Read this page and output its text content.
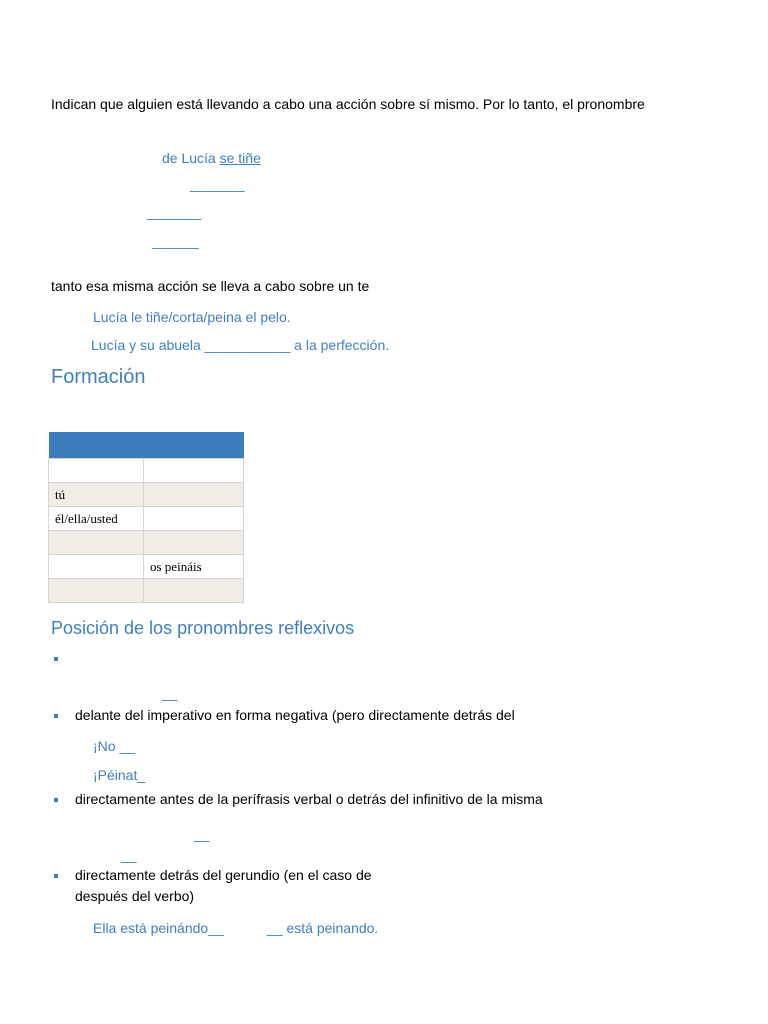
Indican que alguien está llevando a cabo una acción sobre sí mismo. Por lo tanto, el pronombre
de Lucía se tiñe
_______
_______
______
tanto esa misma acción se lleva a cabo sobre un te
Lucía le tiñe/corta/peina el pelo.
Lucía y su abuela ___________ a la perfección.
Formación

tú	
él/ella/usted	

	os peináis

Posición de los pronombres reflexivos
__
delante del imperativo en forma negativa (pero directamente detrás del
¡No __
¡Péinat_
directamente antes de la perífrasis verbal o detrás del infinitivo de la misma
__
__
directamente detrás del gerundio (en el caso de
después del verbo)
Ella está peinándo__	__ está peinando.
